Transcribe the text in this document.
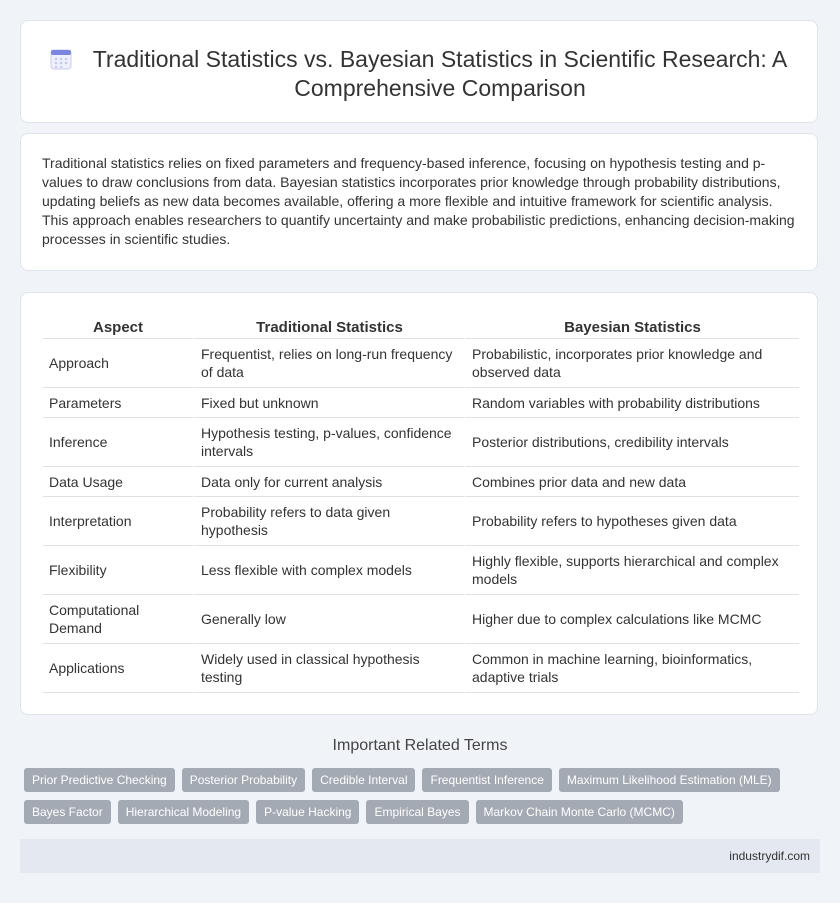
Traditional Statistics vs. Bayesian Statistics in Scientific Research: A Comprehensive Comparison

Traditional statistics relies on fixed parameters and frequency-based inference, focusing on hypothesis testing and p-values to draw conclusions from data. Bayesian statistics incorporates prior knowledge through probability distributions, updating beliefs as new data becomes available, offering a more flexible and intuitive framework for scientific analysis. This approach enables researchers to quantify uncertainty and make probabilistic predictions, enhancing decision-making processes in scientific studies.

Aspect	Traditional Statistics	Bayesian Statistics
Approach	Frequentist, relies on long-run frequency of data	Probabilistic, incorporates prior knowledge and observed data
Parameters	Fixed but unknown	Random variables with probability distributions
Inference	Hypothesis testing, p-values, confidence intervals	Posterior distributions, credibility intervals
Data Usage	Data only for current analysis	Combines prior data and new data
Interpretation	Probability refers to data given hypothesis	Probability refers to hypotheses given data
Flexibility	Less flexible with complex models	Highly flexible, supports hierarchical and complex models
Computational Demand	Generally low	Higher due to complex calculations like MCMC
Applications	Widely used in classical hypothesis testing	Common in machine learning, bioinformatics, adaptive trials
Important Related Terms
Prior Predictive Checking	Posterior Probability	Credible Interval	Frequentist Inference	Maximum Likelihood Estimation (MLE)
Bayes Factor	Hierarchical Modeling	P-value Hacking	Empirical Bayes	Markov Chain Monte Carlo (MCMC)
industrydif.com
